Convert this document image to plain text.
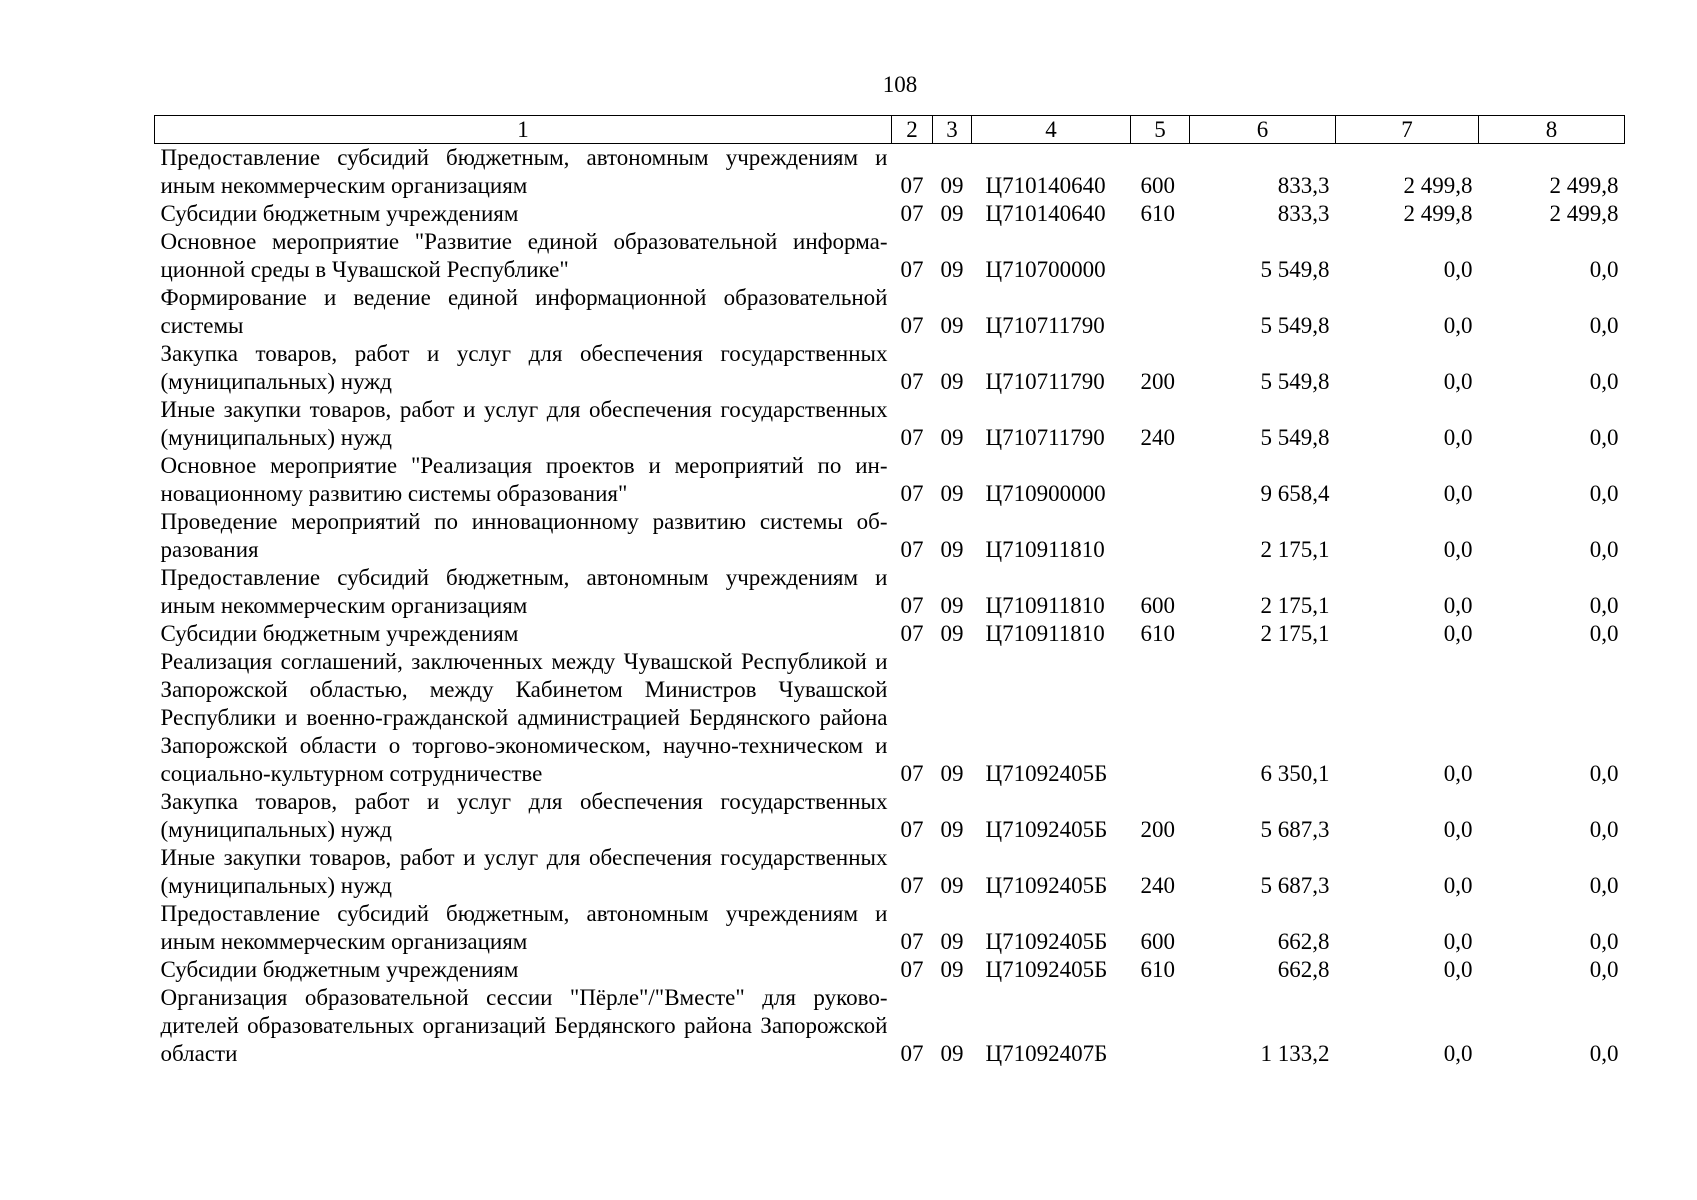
108
1	2	3	4	5	6	7	8
Предоставление субсидий бюджетным, автономным учреждениям и иным некоммерческим организациям	07	09	Ц710140640	600	833,3	2 499,8	2 499,8
Субсидии бюджетным учреждениям	07	09	Ц710140640	610	833,3	2 499,8	2 499,8
Основное мероприятие "Развитие единой образовательной информационной среды в Чувашской Республике"	07	09	Ц710700000		5 549,8	0,0	0,0
Формирование и ведение единой информационной образовательной системы	07	09	Ц710711790		5 549,8	0,0	0,0
Закупка товаров, работ и услуг для обеспечения государственных (муниципальных) нужд	07	09	Ц710711790	200	5 549,8	0,0	0,0
Иные закупки товаров, работ и услуг для обеспечения государственных (муниципальных) нужд	07	09	Ц710711790	240	5 549,8	0,0	0,0
Основное мероприятие "Реализация проектов и мероприятий по инновационному развитию системы образования"	07	09	Ц710900000		9 658,4	0,0	0,0
Проведение мероприятий по инновационному развитию системы образования	07	09	Ц710911810		2 175,1	0,0	0,0
Предоставление субсидий бюджетным, автономным учреждениям и иным некоммерческим организациям	07	09	Ц710911810	600	2 175,1	0,0	0,0
Субсидии бюджетным учреждениям	07	09	Ц710911810	610	2 175,1	0,0	0,0
Реализация соглашений, заключенных между Чувашской Республикой и Запорожской областью, между Кабинетом Министров Чувашской Республики и военно-гражданской администрацией Бердянского района Запорожской области о торгово-экономическом, научно-техническом и социально-культурном сотрудничестве	07	09	Ц71092405Б		6 350,1	0,0	0,0
Закупка товаров, работ и услуг для обеспечения государственных (муниципальных) нужд	07	09	Ц71092405Б	200	5 687,3	0,0	0,0
Иные закупки товаров, работ и услуг для обеспечения государственных (муниципальных) нужд	07	09	Ц71092405Б	240	5 687,3	0,0	0,0
Предоставление субсидий бюджетным, автономным учреждениям и иным некоммерческим организациям	07	09	Ц71092405Б	600	662,8	0,0	0,0
Субсидии бюджетным учреждениям	07	09	Ц71092405Б	610	662,8	0,0	0,0
Организация образовательной сессии "Пёрле"/"Вместе" для руководителей образовательных организаций Бердянского района Запорожской области	07	09	Ц71092407Б		1 133,2	0,0	0,0
